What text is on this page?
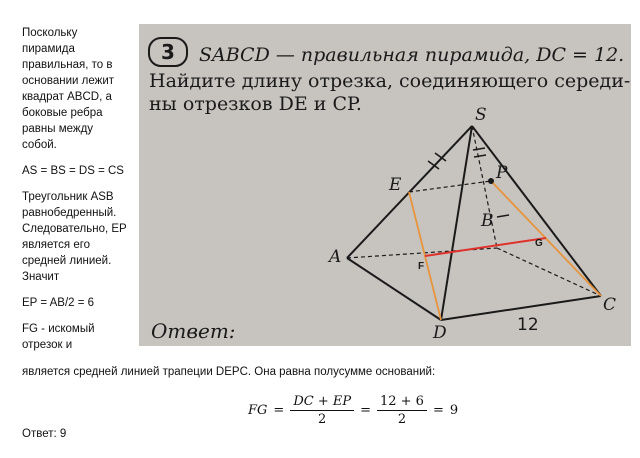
Поскольку
пирамида
правильная, то в
основании лежит
квадрат ABCD, а
боковые ребра
равны между
собой.

AS = BS = DS = CS

Треугольник ASB
равнобедренный.
Следовательно, EP
является его
средней линией.
Значит

EP = AB/2 = 6

FG - искомый
отрезок и

является средней линией трапеции DEPC. Она равна полусумме оснований:
FG = $\frac{DC + EP}{2} = \frac{12 + 6}{2} = 9$
Ответ: 9
3 SABCD — правильная пирамида, DC = 12.
Найдите длину отрезка, соединяющего середи-
ны отрезков DE и CP.	S
A
B
C
D
E
P
F
G
12
Ответ:
